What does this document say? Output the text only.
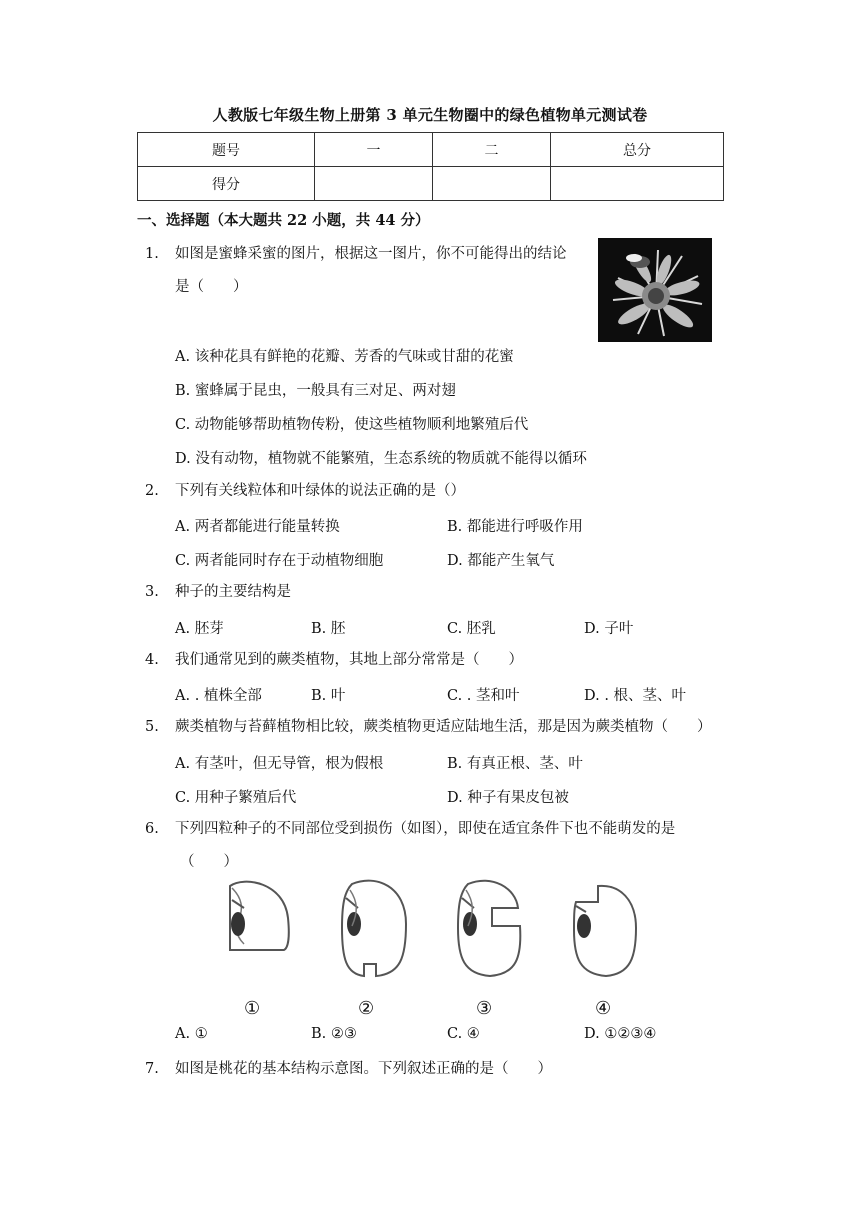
人教版七年级生物上册第 3 单元生物圈中的绿色植物单元测试卷
题号	一	二	总分
得分			
一、选择题（本大题共 22 小题，共 44 分）
1. 如图是蜜蜂采蜜的图片，根据这一图片，你不可能得出的结论
是（　　）
A. 该种花具有鲜艳的花瓣、芳香的气味或甘甜的花蜜
B. 蜜蜂属于昆虫，一般具有三对足、两对翅
C. 动物能够帮助植物传粉，使这些植物顺利地繁殖后代
D. 没有动物，植物就不能繁殖，生态系统的物质就不能得以循环
2. 下列有关线粒体和叶绿体的说法正确的是（）
A. 两者都能进行能量转换	B. 都能进行呼吸作用
C. 两者能同时存在于动植物细胞	D. 都能产生氧气
3. 种子的主要结构是
A. 胚芽	B. 胚	C. 胚乳	D. 子叶
4. 我们通常见到的蕨类植物，其地上部分常常是（　　）
A. . 植株全部	B. 叶	C. . 茎和叶	D. . 根、茎、叶
5. 蕨类植物与苔藓植物相比较，蕨类植物更适应陆地生活，那是因为蕨类植物（　　）
A. 有茎叶，但无导管，根为假根	B. 有真正根、茎、叶
C. 用种子繁殖后代	D. 种子有果皮包被
6. 下列四粒种子的不同部位受到损伤（如图），即使在适宜条件下也不能萌发的是
（　　）
①	②	③	④
A. ①	B. ②③	C. ④	D. ①②③④
7. 如图是桃花的基本结构示意图。下列叙述正确的是（　　）
